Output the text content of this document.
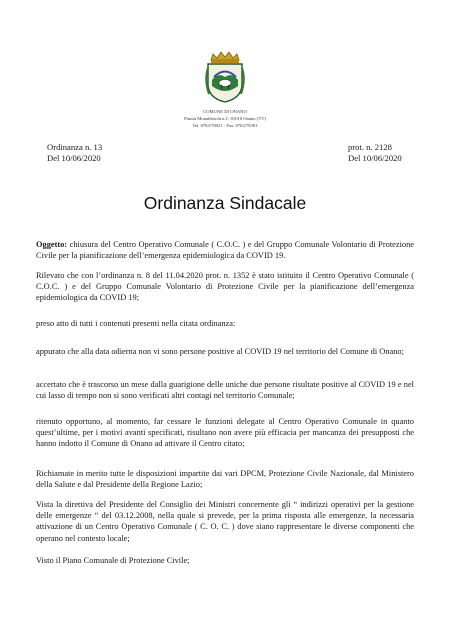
COMUNE DI ONANO
Piazza Monaldeschi n.1- 01010 Onano (VT)
Tel. 0763/78021 - Fax. 0763/78391
Ordinanza n. 13
Del 10/06/2020
prot. n. 2128
Del 10/06/2020
Ordinanza Sindacale
Oggetto: chiusura del Centro Operativo Comunale ( C.O.C. ) e del Gruppo Comunale Volontario di Protezione Civile per la pianificazione dell’emergenza epidemiologica da COVID 19.
Rilevato che con l’ordinanza n. 8 del 11.04.2020 prot. n. 1352 è stato istituito il Centro Operativo Comunale ( C.O.C. ) e del Gruppo Comunale Volontario di Protezione Civile per la pianificazione dell’emergenza epidemiologica da COVID 19;
preso atto di tutti i contenuti presenti nella citata ordinanza:
appurato che alla data odierna non vi sono persone positive al COVID 19 nel territorio del Comune di Onano;
accertato che è trascorso un mese dalla guarigione delle uniche due persone risultate positive al COVID 19 e nel cui lasso di tempo non si sono verificati altri contagi nel territorio Comunale;
ritenuto opportuno, al momento, far cessare le funzioni delegate al Centro Operativo Comunale in quanto quest’ultime, per i motivi avanti specificati, risultano non avere più efficacia per mancanza dei presupposti che hanno indotto il Comune di Onano ad attivare il Centro citato;
Richiamate in merito tutte le disposizioni impartite dai vari DPCM, Protezione Civile Nazionale, dal Ministero della Salute e dal Presidente della Regione Lazio;
Vista la direttiva del Presidente del Consiglio dei Ministri concernente gli “ indirizzi operativi per la gestione delle emergenze “ del 03.12.2008, nella quale si prevede, per la prima risposta alle emergenze, la necessaria attivazione di un Centro Operativo Comunale ( C. O. C. ) dove siano rappresentare le diverse componenti che operano nel contesto locale;
Visto il Piano Comunale di Protezione Civile;
